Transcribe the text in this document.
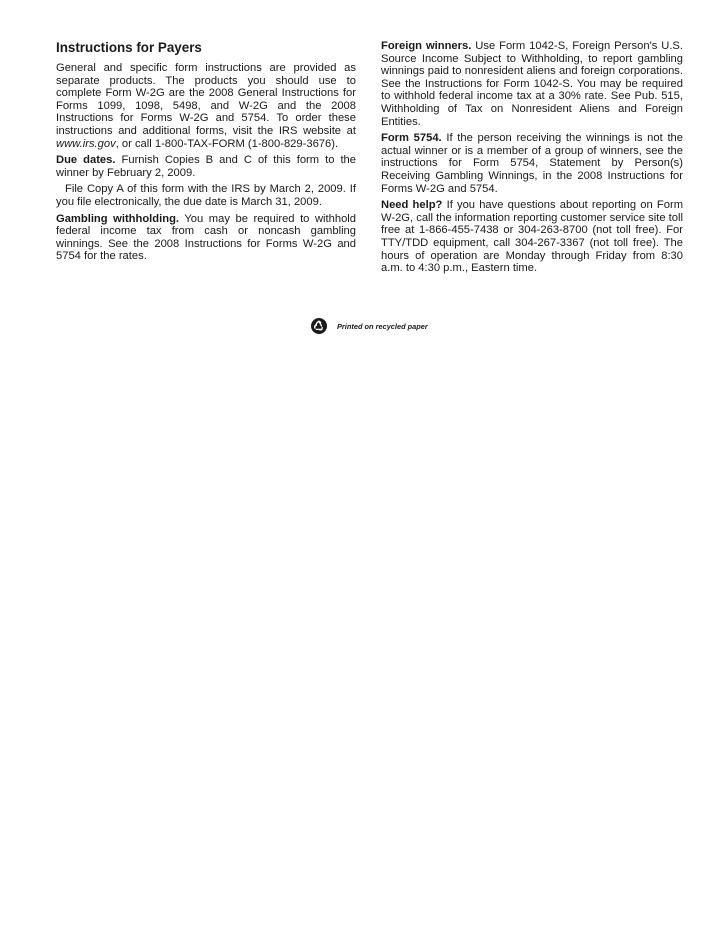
Instructions for Payers

General and specific form instructions are provided as separate products. The products you should use to complete Form W-2G are the 2008 General Instructions for Forms 1099, 1098, 5498, and W-2G and the 2008 Instructions for Forms W-2G and 5754. To order these instructions and additional forms, visit the IRS website at www.irs.gov, or call 1-800-TAX-FORM (1-800-829-3676).

Due dates. Furnish Copies B and C of this form to the winner by February 2, 2009.

File Copy A of this form with the IRS by March 2, 2009. If you file electronically, the due date is March 31, 2009.

Gambling withholding. You may be required to withhold federal income tax from cash or noncash gambling winnings. See the 2008 Instructions for Forms W-2G and 5754 for the rates.

Foreign winners. Use Form 1042-S, Foreign Person's U.S. Source Income Subject to Withholding, to report gambling winnings paid to nonresident aliens and foreign corporations. See the Instructions for Form 1042-S. You may be required to withhold federal income tax at a 30% rate. See Pub. 515, Withholding of Tax on Nonresident Aliens and Foreign Entities.

Form 5754. If the person receiving the winnings is not the actual winner or is a member of a group of winners, see the instructions for Form 5754, Statement by Person(s) Receiving Gambling Winnings, in the 2008 Instructions for Forms W-2G and 5754.

Need help? If you have questions about reporting on Form W-2G, call the information reporting customer service site toll free at 1-866-455-7438 or 304-263-8700 (not toll free). For TTY/TDD equipment, call 304-267-3367 (not toll free). The hours of operation are Monday through Friday from 8:30 a.m. to 4:30 p.m., Eastern time.

Printed on recycled paper
